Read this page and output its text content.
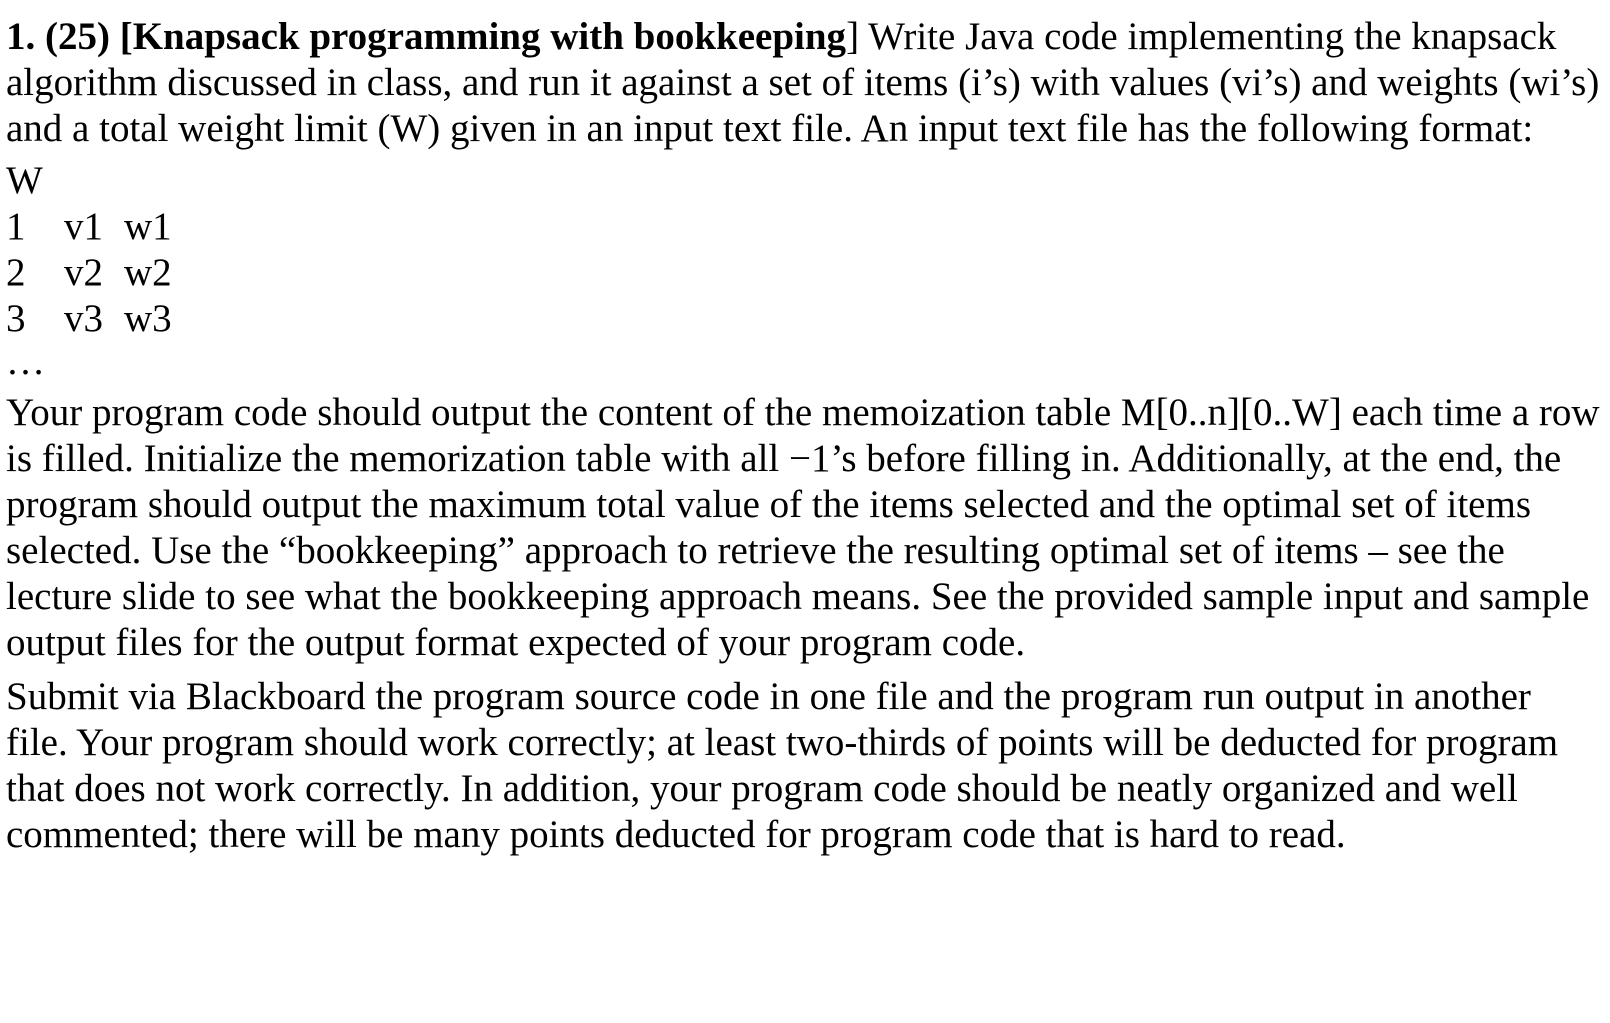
1. (25) [Knapsack programming with bookkeeping] Write Java code implementing the knapsack algorithm discussed in class, and run it against a set of items (i’s) with values (vi’s) and weights (wi’s) and a total weight limit (W) given in an input text file. An input text file has the following format:

W
1 v1 w1
2 v2 w2
3 v3 w3
…

Your program code should output the content of the memoization table M[0..n][0..W] each time a row is filled. Initialize the memorization table with all −1’s before filling in. Additionally, at the end, the program should output the maximum total value of the items selected and the optimal set of items selected. Use the “bookkeeping” approach to retrieve the resulting optimal set of items – see the lecture slide to see what the bookkeeping approach means. See the provided sample input and sample output files for the output format expected of your program code.

Submit via Blackboard the program source code in one file and the program run output in another file. Your program should work correctly; at least two-thirds of points will be deducted for program that does not work correctly. In addition, your program code should be neatly organized and well commented; there will be many points deducted for program code that is hard to read.
